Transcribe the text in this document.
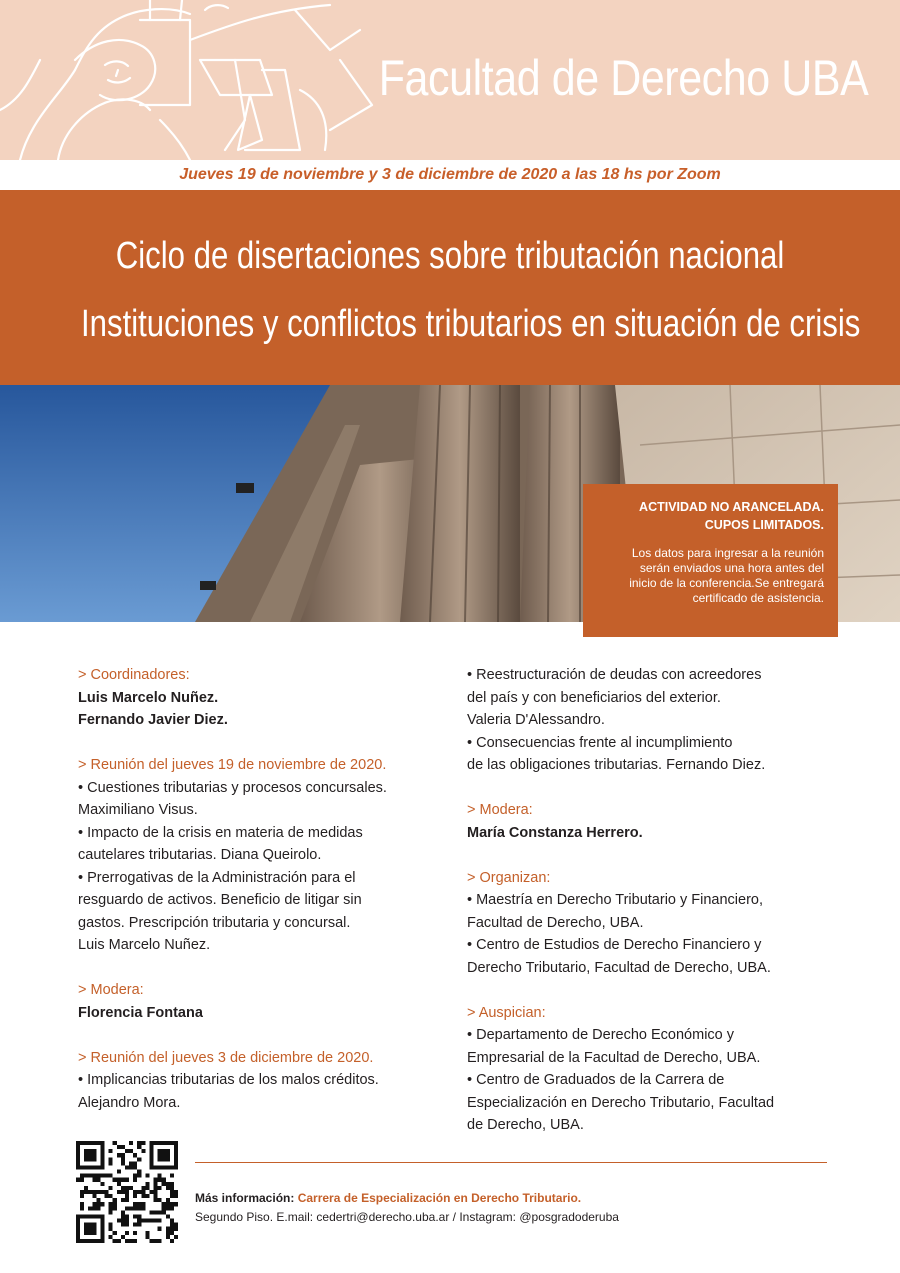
Facultad de Derecho UBA
Jueves 19 de noviembre y 3 de diciembre de 2020 a las 18 hs por Zoom
Ciclo de disertaciones sobre tributación nacional
Instituciones y conflictos tributarios en situación de crisis
ACTIVIDAD NO ARANCELADA.
CUPOS LIMITADOS.
Los datos para ingresar a la reunión
serán enviados una hora antes del
inicio de la conferencia.Se entregará
certificado de asistencia.
> Coordinadores:
Luis Marcelo Nuñez.
Fernando Javier Diez.
> Reunión del jueves 19 de noviembre de 2020.
• Cuestiones tributarias y procesos concursales.
Maximiliano Visus.
• Impacto de la crisis en materia de medidas
cautelares tributarias. Diana Queirolo.
• Prerrogativas de la Administración para el
resguardo de activos. Beneficio de litigar sin
gastos. Prescripción tributaria y concursal.
Luis Marcelo Nuñez.
> Modera:
Florencia Fontana
> Reunión del jueves 3 de diciembre de 2020.
• Implicancias tributarias de los malos créditos.
Alejandro Mora.
• Reestructuración de deudas con acreedores
del país y con beneficiarios del exterior.
Valeria D'Alessandro.
• Consecuencias frente al incumplimiento
de las obligaciones tributarias. Fernando Diez.
> Modera:
María Constanza Herrero.
> Organizan:
• Maestría en Derecho Tributario y Financiero,
Facultad de Derecho, UBA.
• Centro de Estudios de Derecho Financiero y
Derecho Tributario, Facultad de Derecho, UBA.
> Auspician:
• Departamento de Derecho Económico y
Empresarial de la Facultad de Derecho, UBA.
• Centro de Graduados de la Carrera de
Especialización en Derecho Tributario, Facultad
de Derecho, UBA.
Más información: Carrera de Especialización en Derecho Tributario.
Segundo Piso. E.mail: cedertri@derecho.uba.ar / Instagram: @posgradoderuba
